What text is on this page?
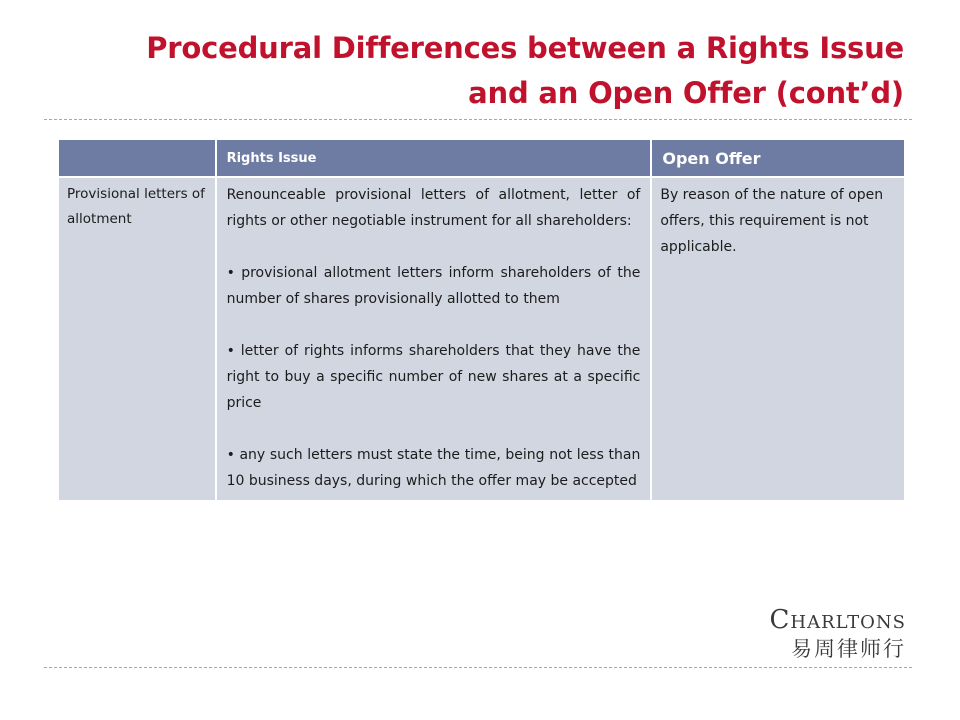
Procedural Differences between a Rights Issue
and an Open Offer (cont’d)
	Rights Issue	Open Offer
Provisional letters of allotment	Renounceable provisional letters of allotment, letter of rights or other negotiable instrument for all shareholders:

• provisional allotment letters inform shareholders of the number of shares provisionally allotted to them

• letter of rights informs shareholders that they have the right to buy a specific number of new shares at a specific price

• any such letters must state the time, being not less than 10 business days, during which the offer may be accepted	By reason of the nature of open offers, this requirement is not applicable.
Charltons
易周律师行
